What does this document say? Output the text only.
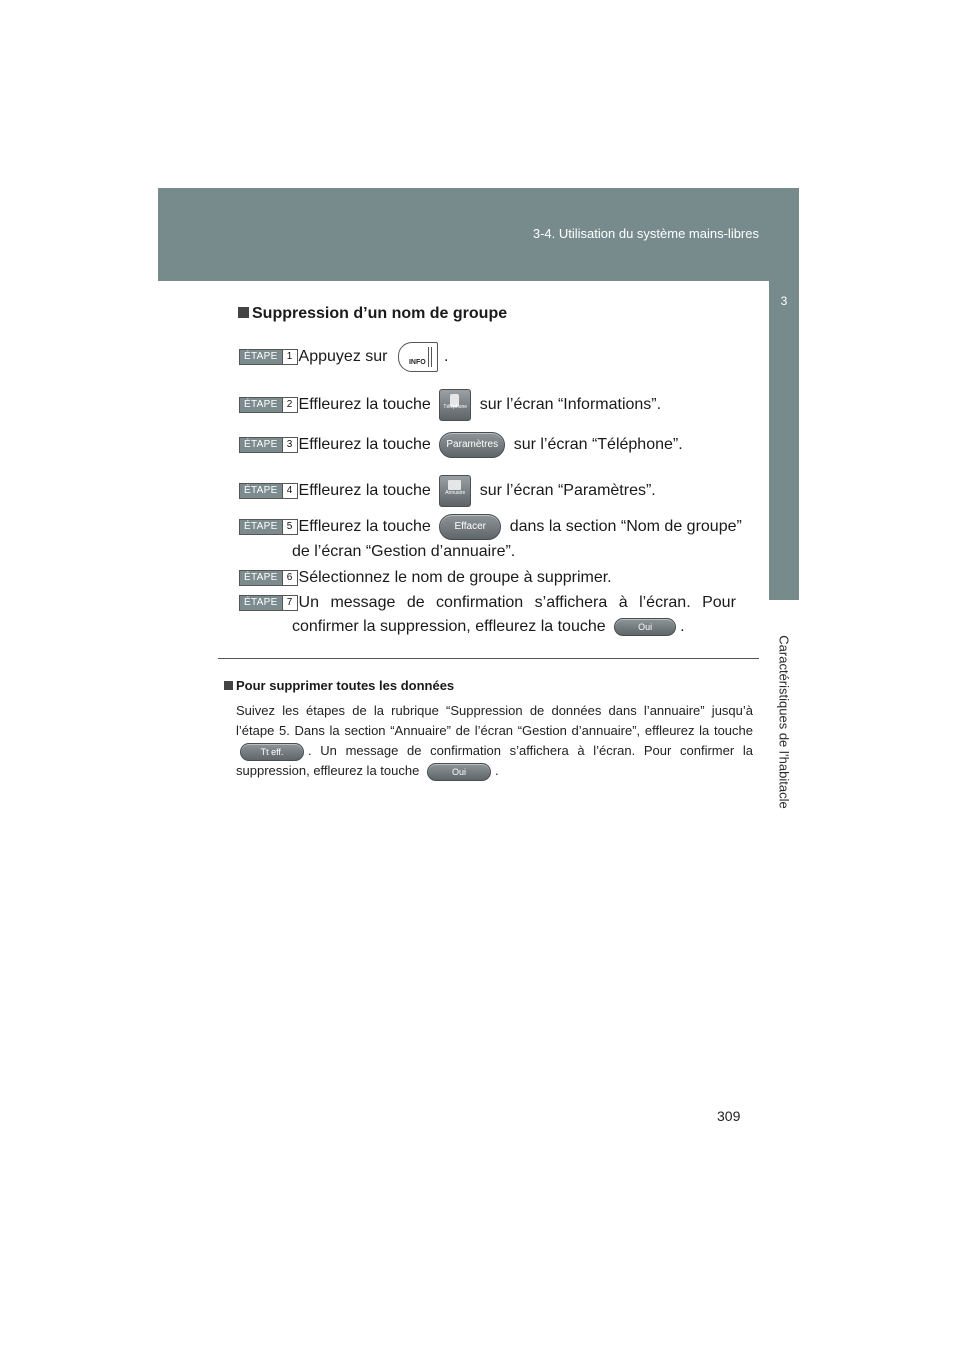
3-4. Utilisation du système mains-libres
3
Caractéristiques de l’habitacle
Suppression d’un nom de groupe
ÉTAPE 1 Appuyez sur	INFO .
ÉTAPE 2 Effleurez la touche	Téléphone sur l’écran “Informations”.
ÉTAPE 3 Effleurez la touche Paramètres sur l’écran “Téléphone”.
ÉTAPE 4 Effleurez la touche	Annuaire sur l’écran “Paramètres”.
ÉTAPE 5 Effleurez la touche Effacer dans la section “Nom de groupe”
de l’écran “Gestion d’annuaire”.
ÉTAPE 6 Sélectionnez le nom de groupe à supprimer.
ÉTAPE 7 Un message de confirmation s’affichera à l’écran. Pour
confirmer la suppression, effleurez la touche	Oui .
Pour supprimer toutes les données
Suivez les étapes de la rubrique “Suppression de données dans l’annuaire” jusqu’à l’étape 5. Dans la section “Annuaire” de l’écran “Gestion d’annuaire”, effleurez la touche Tt eff. . Un message de confirmation s’affichera à l’écran. Pour confirmer la suppression, effleurez la touche	Oui .
309
